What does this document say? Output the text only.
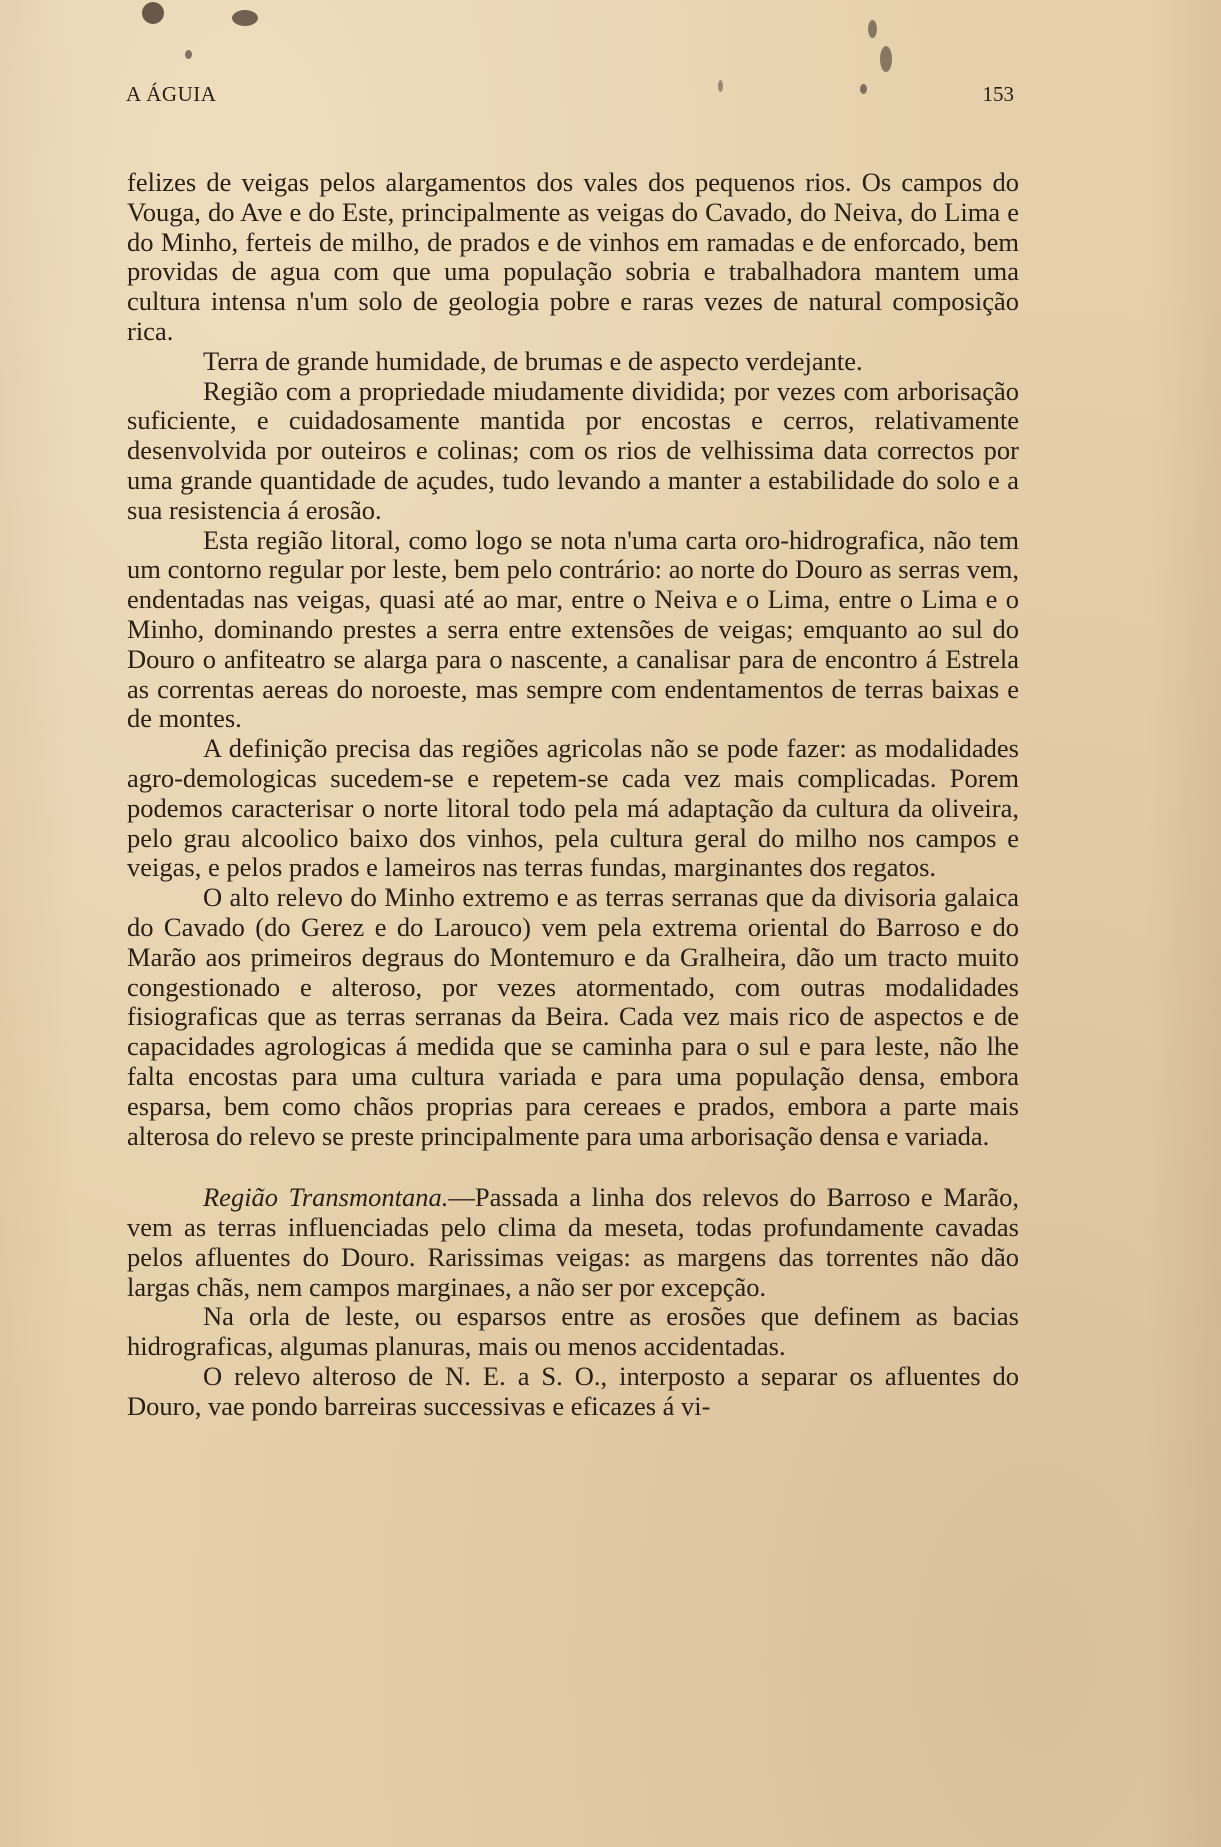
A ÁGUIA	153

felizes de veigas pelos alargamentos dos vales dos pequenos rios. Os campos do Vouga, do Ave e do Este, principalmente as veigas do Cavado, do Neiva, do Lima e do Minho, ferteis de milho, de prados e de vinhos em ramadas e de enforcado, bem providas de agua com que uma população sobria e trabalhadora mantem uma cultura intensa n'um solo de geologia pobre e raras vezes de natural composição rica.

Terra de grande humidade, de brumas e de aspecto verdejante.

Região com a propriedade miudamente dividida; por vezes com arborisação suficiente, e cuidadosamente mantida por encostas e cerros, relativamente desenvolvida por outeiros e colinas; com os rios de velhissima data correctos por uma grande quantidade de açudes, tudo levando a manter a estabilidade do solo e a sua resistencia á erosão.

Esta região litoral, como logo se nota n'uma carta oro-hidrografica, não tem um contorno regular por leste, bem pelo contrário: ao norte do Douro as serras vem, endentadas nas veigas, quasi até ao mar, entre o Neiva e o Lima, entre o Lima e o Minho, dominando prestes a serra entre extensões de veigas; emquanto ao sul do Douro o anfiteatro se alarga para o nascente, a canalisar para de encontro á Estrela as correntas aereas do noroeste, mas sempre com endentamentos de terras baixas e de montes.

A definição precisa das regiões agricolas não se pode fazer: as modalidades agro-demologicas sucedem-se e repetem-se cada vez mais complicadas. Porem podemos caracterisar o norte litoral todo pela má adaptação da cultura da oliveira, pelo grau alcoolico baixo dos vinhos, pela cultura geral do milho nos campos e veigas, e pelos prados e lameiros nas terras fundas, marginantes dos regatos.

O alto relevo do Minho extremo e as terras serranas que da divisoria galaica do Cavado (do Gerez e do Larouco) vem pela extrema oriental do Barroso e do Marão aos primeiros degraus do Montemuro e da Gralheira, dão um tracto muito congestionado e alteroso, por vezes atormentado, com outras modalidades fisiograficas que as terras serranas da Beira. Cada vez mais rico de aspectos e de capacidades agrologicas á medida que se caminha para o sul e para leste, não lhe falta encostas para uma cultura variada e para uma população densa, embora esparsa, bem como chãos proprias para cereaes e prados, embora a parte mais alterosa do relevo se preste principalmente para uma arborisação densa e variada.

Região Transmontana.—Passada a linha dos relevos do Barroso e Marão, vem as terras influenciadas pelo clima da meseta, todas profundamente cavadas pelos afluentes do Douro. Rarissimas veigas: as margens das torrentes não dão largas chãs, nem campos marginaes, a não ser por excepção.

Na orla de leste, ou esparsos entre as erosões que definem as bacias hidrograficas, algumas planuras, mais ou menos accidentadas.

O relevo alteroso de N. E. a S. O., interposto a separar os afluentes do Douro, vae pondo barreiras successivas e eficazes á vi-
